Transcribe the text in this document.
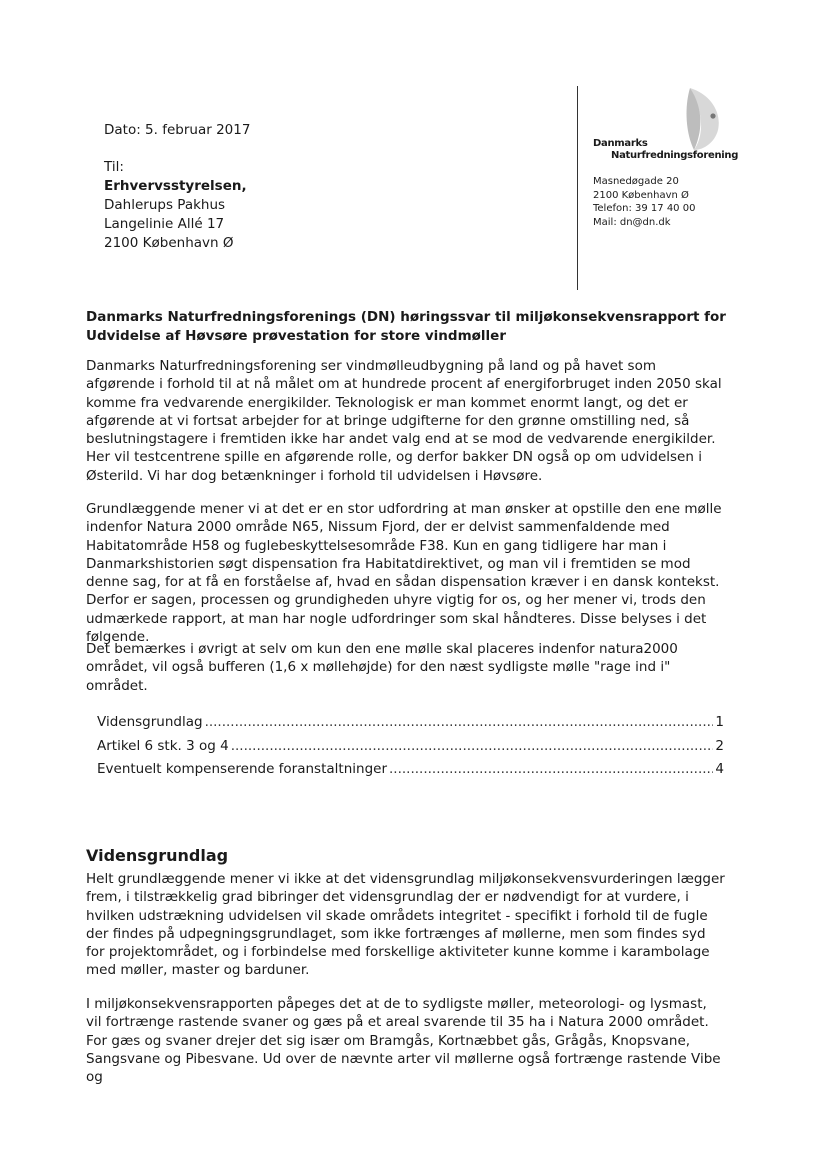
Dato: 5. februar 2017
Til:
Erhvervsstyrelsen,
Dahlerups Pakhus
Langelinie Allé 17
2100 København Ø
Danmarks
Naturfredningsforening
Masnedøgade 20
2100 København Ø
Telefon: 39 17 40 00
Mail: dn@dn.dk
Danmarks Naturfredningsforenings (DN) høringssvar til miljøkonsekvensrapport for Udvidelse af Høvsøre prøvestation for store vindmøller
Danmarks Naturfredningsforening ser vindmølleudbygning på land og på havet som afgørende i forhold til at nå målet om at hundrede procent af energiforbruget inden 2050 skal komme fra vedvarende energikilder. Teknologisk er man kommet enormt langt, og det er afgørende at vi fortsat arbejder for at bringe udgifterne for den grønne omstilling ned, så beslutningstagere i fremtiden ikke har andet valg end at se mod de vedvarende energikilder. Her vil testcentrene spille en afgørende rolle, og derfor bakker DN også op om udvidelsen i Østerild. Vi har dog betænkninger i forhold til udvidelsen i Høvsøre.
Grundlæggende mener vi at det er en stor udfordring at man ønsker at opstille den ene mølle indenfor Natura 2000 område N65, Nissum Fjord, der er delvist sammenfaldende med Habitatområde H58 og fuglebeskyttelsesområde F38. Kun en gang tidligere har man i Danmarkshistorien søgt dispensation fra Habitatdirektivet, og man vil i fremtiden se mod denne sag, for at få en forståelse af, hvad en sådan dispensation kræver i en dansk kontekst. Derfor er sagen, processen og grundigheden uhyre vigtig for os, og her mener vi, trods den udmærkede rapport, at man har nogle udfordringer som skal håndteres. Disse belyses i det følgende.
Det bemærkes i øvrigt at selv om kun den ene mølle skal placeres indenfor natura2000 området, vil også bufferen (1,6 x møllehøjde) for den næst sydligste mølle "rage ind i" området.
Vidensgrundlag .....	1
Artikel 6 stk. 3 og 4 .....	2
Eventuelt kompenserende foranstaltninger .....	4
Vidensgrundlag
Helt grundlæggende mener vi ikke at det vidensgrundlag miljøkonsekvensvurderingen lægger frem, i tilstrækkelig grad bibringer det vidensgrundlag der er nødvendigt for at vurdere, i hvilken udstrækning udvidelsen vil skade områdets integritet - specifikt i forhold til de fugle der findes på udpegningsgrundlaget, som ikke fortrænges af møllerne, men som findes syd for projektområdet, og i forbindelse med forskellige aktiviteter kunne komme i karambolage med møller, master og barduner.
I miljøkonsekvensrapporten påpeges det at de to sydligste møller, meteorologi- og lysmast, vil fortrænge rastende svaner og gæs på et areal svarende til 35 ha i Natura 2000 området. For gæs og svaner drejer det sig især om Bramgås, Kortnæbbet gås, Grågås, Knopsvane, Sangsvane og Pibesvane. Ud over de nævnte arter vil møllerne også fortrænge rastende Vibe og
